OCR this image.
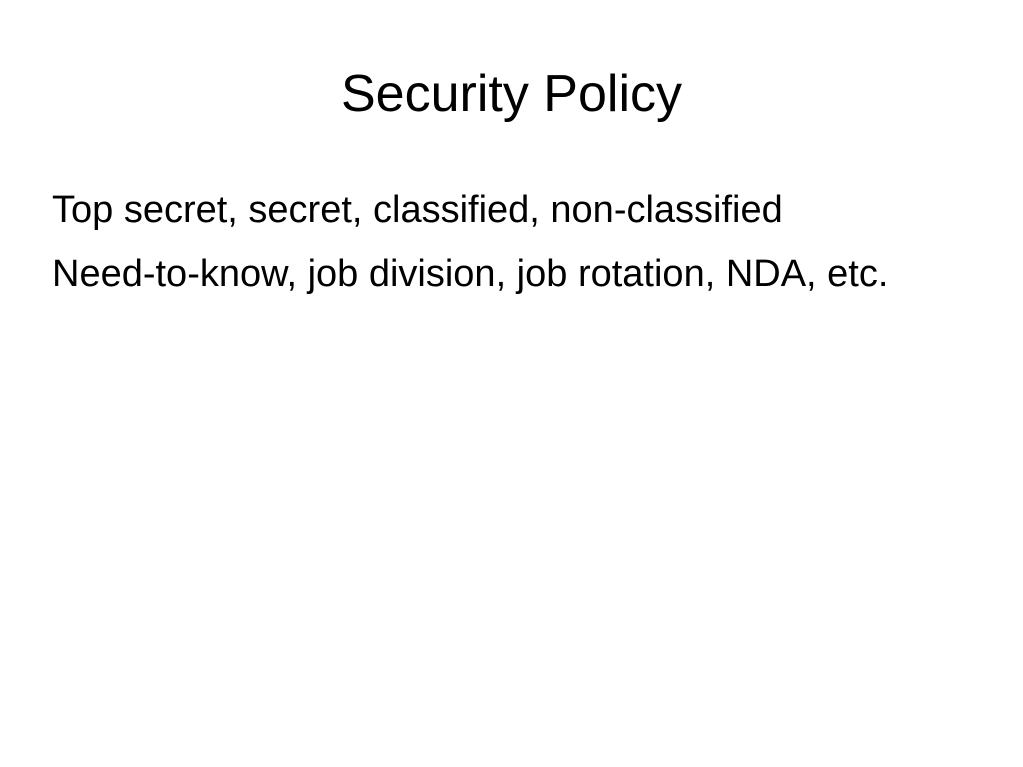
Security Policy
Top secret, secret, classified, non-classified
Need-to-know, job division, job rotation, NDA, etc.
